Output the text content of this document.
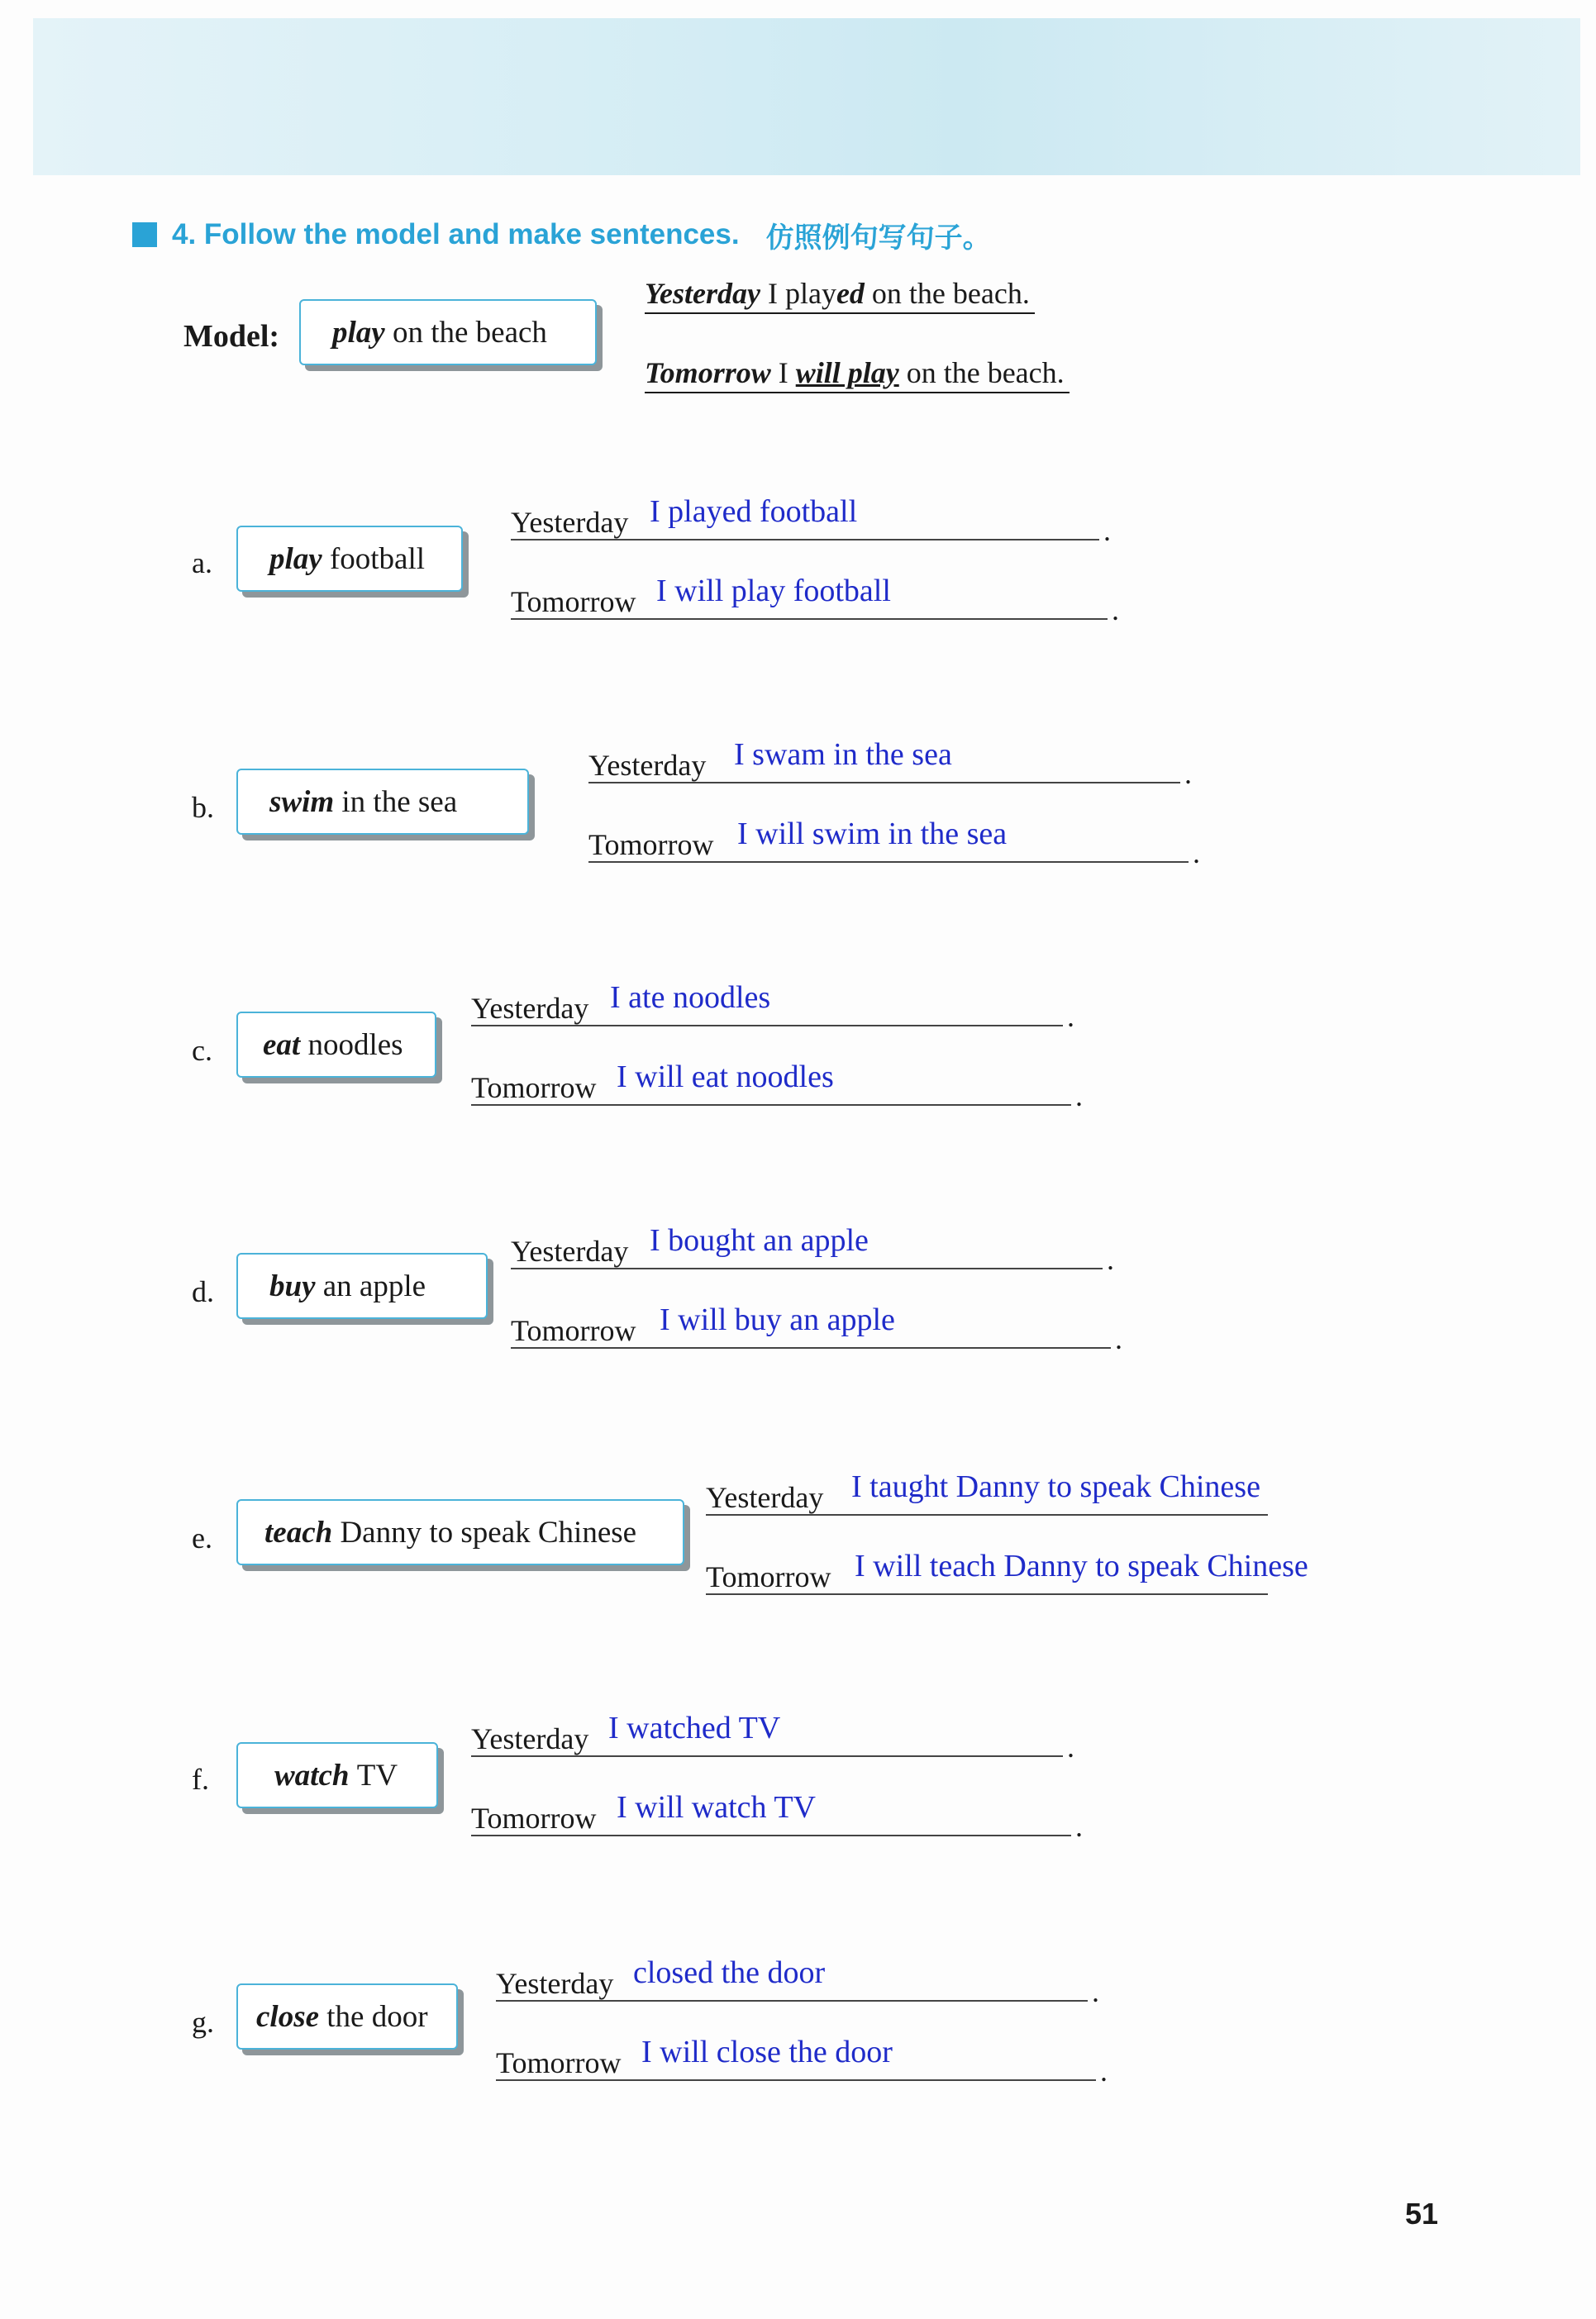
4. Follow the model and make sentences. 仿照例句写句子。
Model: play
on the beach
Yesterday I played on the beach.
Tomorrow I will play on the beach.
a. play
football
Yesterday I played football
.
Tomorrow I will play football
.
b. swim
in the sea
Yesterday I swam in the sea
.
Tomorrow I will swim in the sea
.
c. eat
noodles
Yesterday I ate noodles
.
Tomorrow I will eat noodles
.
d. buy
an apple
Yesterday I bought an apple
.
Tomorrow I will buy an apple
.
e. teach
Danny to speak Chinese
Yesterday I taught Danny to speak Chinese
Tomorrow I will teach Danny to speak Chinese
f. watch
TV
Yesterday I watched TV
.
Tomorrow I will watch TV
.
g. close
the door
Yesterday closed the door
.
Tomorrow I will close the door
.
51
